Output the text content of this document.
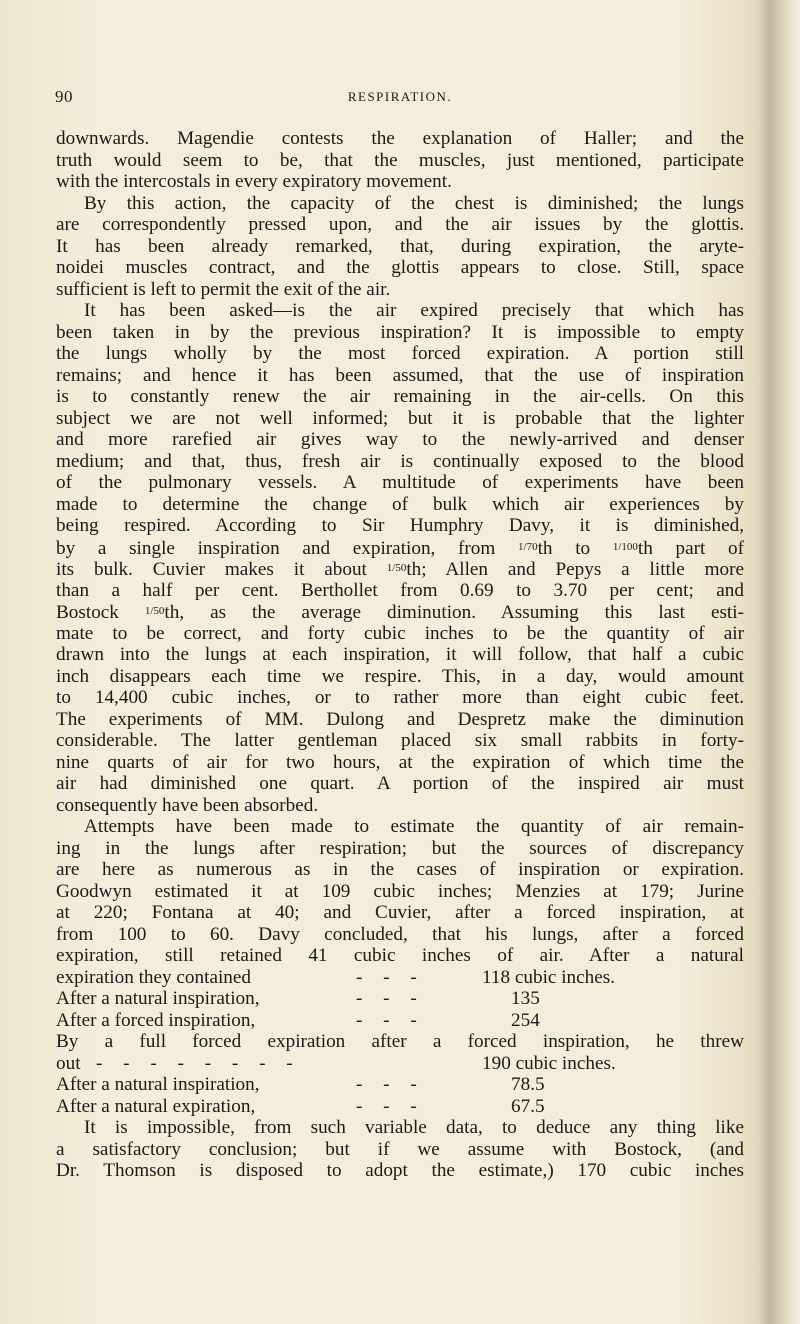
90	RESPIRATION.
downwards. Magendie contests the explanation of Haller; and the
truth would seem to be, that the muscles, just mentioned, participate
with the intercostals in every expiratory movement.
By this action, the capacity of the chest is diminished; the lungs
are correspondently pressed upon, and the air issues by the glottis.
It has been already remarked, that, during expiration, the aryte-
noidei muscles contract, and the glottis appears to close. Still, space
sufficient is left to permit the exit of the air.
It has been asked—is the air expired precisely that which has
been taken in by the previous inspiration? It is impossible to empty
the lungs wholly by the most forced expiration. A portion still
remains; and hence it has been assumed, that the use of inspiration
is to constantly renew the air remaining in the air-cells. On this
subject we are not well informed; but it is probable that the lighter
and more rarefied air gives way to the newly-arrived and denser
medium; and that, thus, fresh air is continually exposed to the blood
of the pulmonary vessels. A multitude of experiments have been
made to determine the change of bulk which air experiences by
being respired. According to Sir Humphry Davy, it is diminished,
by a single inspiration and expiration, from $^{1/70}$th to $^{1/100}$th part of
its bulk. Cuvier makes it about $^{1/50}$th; Allen and Pepys a little more
than a half per cent. Berthollet from 0.69 to 3.70 per cent; and
Bostock $^{1/50}$th, as the average diminution. Assuming this last esti-
mate to be correct, and forty cubic inches to be the quantity of air
drawn into the lungs at each inspiration, it will follow, that half a cubic
inch disappears each time we respire. This, in a day, would amount
to 14,400 cubic inches, or to rather more than eight cubic feet.
The experiments of MM. Dulong and Despretz make the diminution
considerable. The latter gentleman placed six small rabbits in forty-
nine quarts of air for two hours, at the expiration of which time the
air had diminished one quart. A portion of the inspired air must
consequently have been absorbed.
Attempts have been made to estimate the quantity of air remain-
ing in the lungs after respiration; but the sources of discrepancy
are here as numerous as in the cases of inspiration or expiration.
Goodwyn estimated it at 109 cubic inches; Menzies at 179; Jurine
at 220; Fontana at 40; and Cuvier, after a forced inspiration, at
from 100 to 60. Davy concluded, that his lungs, after a forced
expiration, still retained 41 cubic inches of air. After a natural
expiration they contained	- - -	118 cubic inches.
After a natural inspiration,	- - -	135
After a forced inspiration,	- - -	254
By a full forced expiration after a forced inspiration, he threw
out - - - - - - - -	190 cubic inches.
After a natural inspiration,	- - -	78.5
After a natural expiration,	- - -	67.5
It is impossible, from such variable data, to deduce any thing like
a satisfactory conclusion; but if we assume with Bostock, (and
Dr. Thomson is disposed to adopt the estimate,) 170 cubic inches
